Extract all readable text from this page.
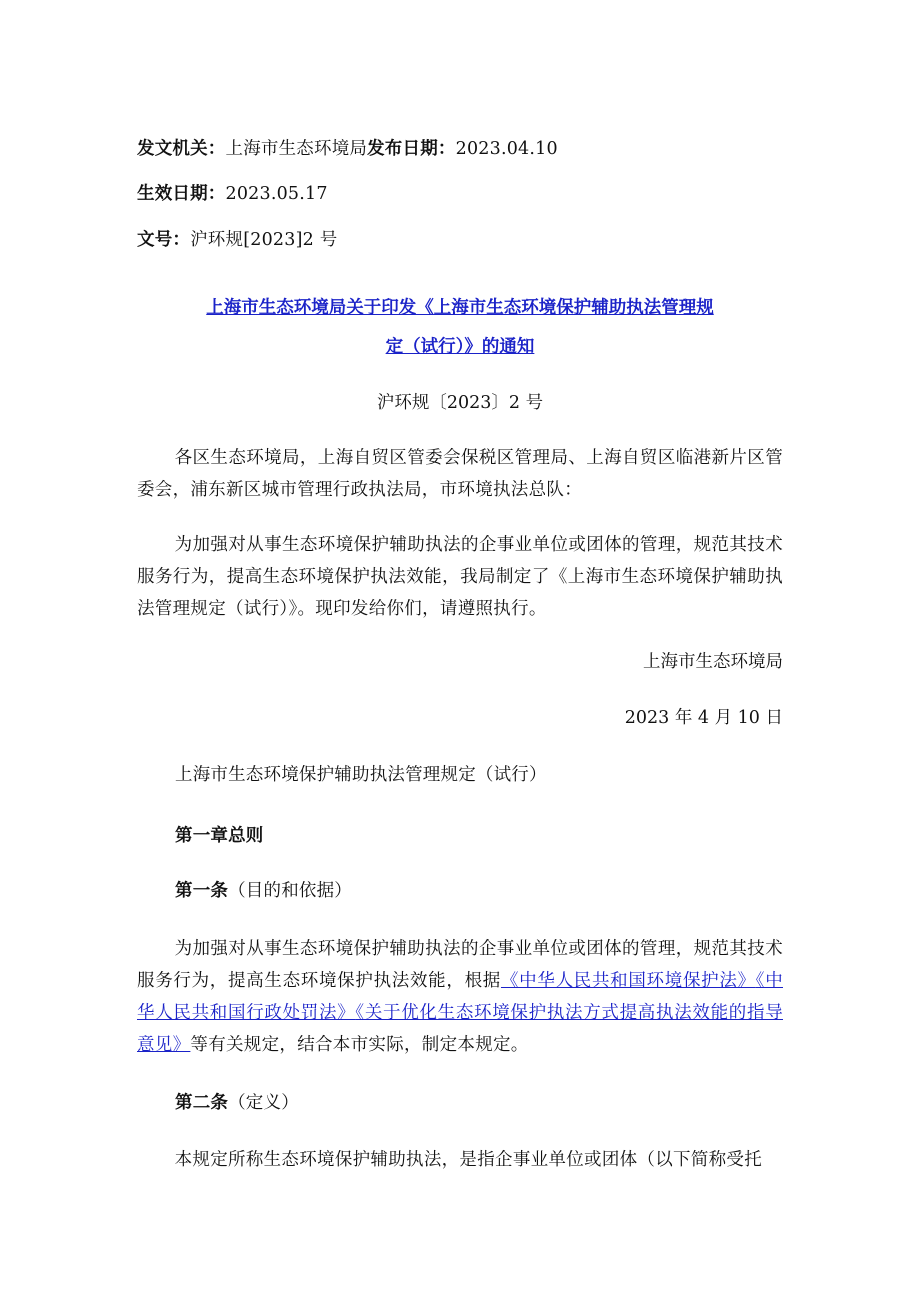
发文机关：上海市生态环境局发布日期：2023.04.10
生效日期：2023.05.17
文号：沪环规[2023]2 号
上海市生态环境局关于印发《上海市生态环境保护辅助执法管理规
定（试行）》的通知
沪环规〔2023〕2 号
各区生态环境局，上海自贸区管委会保税区管理局、上海自贸区临港新片区管委会，浦东新区城市管理行政执法局，市环境执法总队：
为加强对从事生态环境保护辅助执法的企事业单位或团体的管理，规范其技术服务行为，提高生态环境保护执法效能，我局制定了《上海市生态环境保护辅助执法管理规定（试行）》。现印发给你们，请遵照执行。
上海市生态环境局
2023 年 4 月 10 日
上海市生态环境保护辅助执法管理规定（试行）
第一章总则
第一条（目的和依据）
为加强对从事生态环境保护辅助执法的企事业单位或团体的管理，规范其技术服务行为，提高生态环境保护执法效能，根据《中华人民共和国环境保护法》《中华人民共和国行政处罚法》《关于优化生态环境保护执法方式提高执法效能的指导意见》等有关规定，结合本市实际，制定本规定。
第二条（定义）
本规定所称生态环境保护辅助执法，是指企事业单位或团体（以下简称受托
